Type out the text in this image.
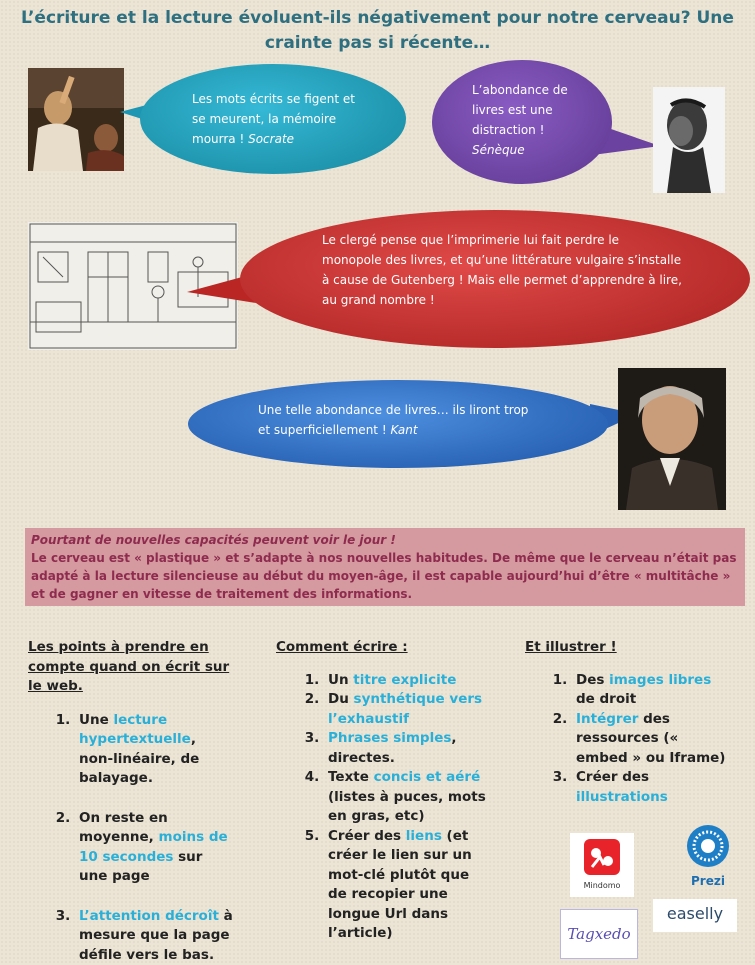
L’écriture et la lecture évoluent-ils négativement pour notre cerveau? Une crainte pas si récente…
Les mots écrits se figent et se meurent, la mémoire mourra ! Socrate
L’abondance de livres est une distraction ! Sénèque
Le clergé pense que l’imprimerie lui fait perdre le monopole des livres, et qu’une littérature vulgaire s’installe à cause de Gutenberg ! Mais elle permet d’apprendre à lire, au grand nombre !
Une telle abondance de livres… ils liront trop et superficiellement ! Kant
Pourtant de nouvelles capacités peuvent voir le jour !
Le cerveau est « plastique » et s’adapte à nos nouvelles habitudes. De même que le cerveau n’était pas adapté à la lecture silencieuse au début du moyen-âge, il est capable aujourd’hui d’être « multitâche » et de gagner en vitesse de traitement des informations.
Les points à prendre en compte quand on écrit sur le web.
1. Une lecture hypertextuelle, non-linéaire, de balayage.
2. On reste en moyenne, moins de 10 secondes sur une page
3. L’attention décroît à mesure que la page défile vers le bas.
Comment écrire :
1. Un titre explicite
2. Du synthétique vers l’exhaustif
3. Phrases simples, directes.
4. Texte concis et aéré (listes à puces, mots en gras, etc)
5. Créer des liens (et créer le lien sur un mot-clé plutôt que de recopier une longue Url dans l’article)
Et illustrer !
1. Des images libres de droit
2. Intégrer des ressources (« embed » ou Iframe)
3. Créer des illustrations
Mindomo	Prezi
Tagxedo
easelly
